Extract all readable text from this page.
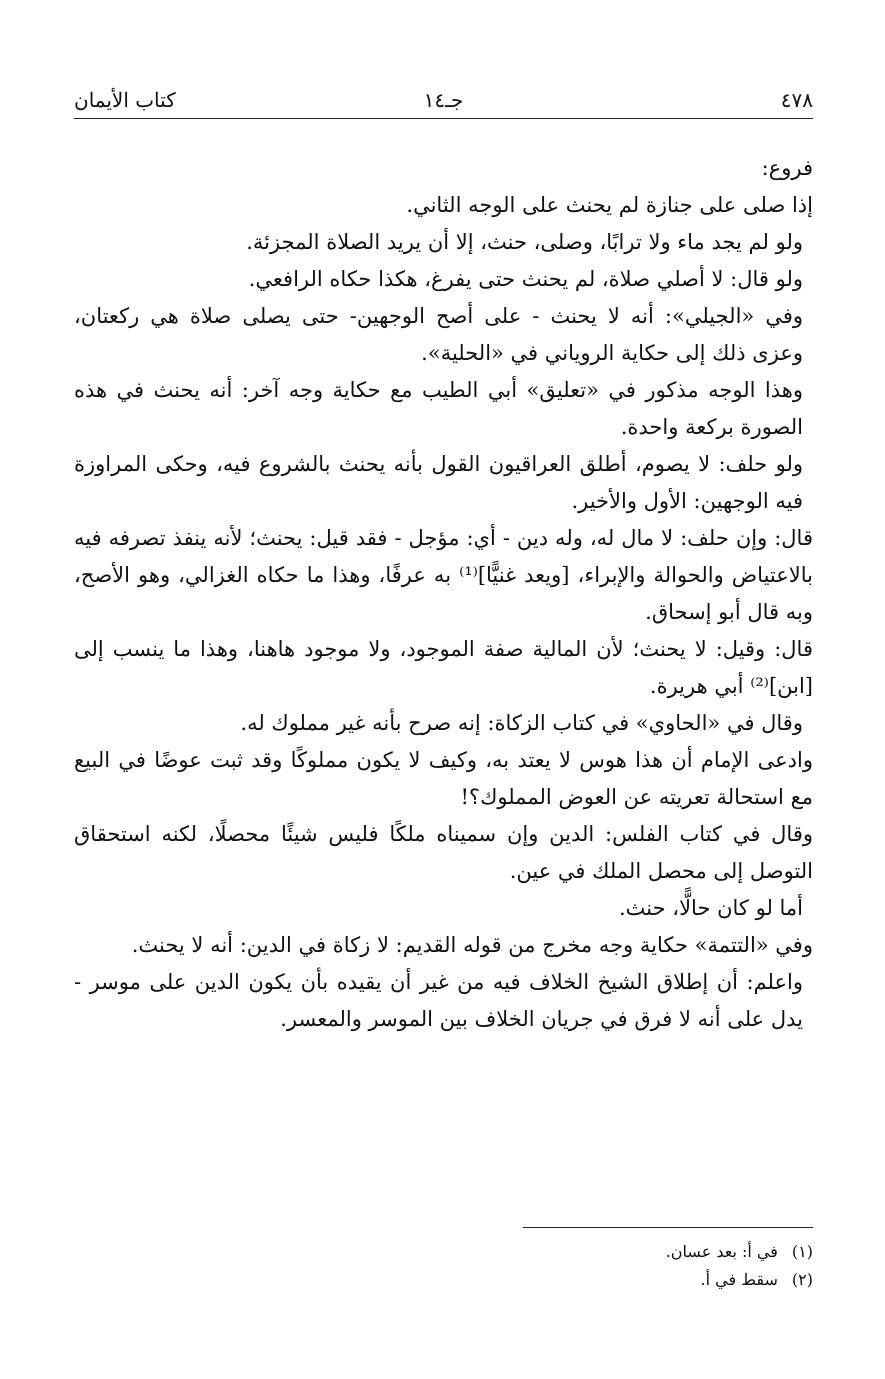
٤٧٨
جـ١٤
كتاب الأيمان

فروع:

إذا صلى على جنازة لم يحنث على الوجه الثاني.

ولو لم يجد ماء ولا ترابًا، وصلى، حنث، إلا أن يريد الصلاة المجزئة.

ولو قال: لا أصلي صلاة، لم يحنث حتى يفرغ، هكذا حكاه الرافعي.

وفي «الجيلي»: أنه لا يحنث - على أصح الوجهين- حتى يصلى صلاة هي ركعتان، وعزى ذلك إلى حكاية الروياني في «الحلية».

وهذا الوجه مذكور في «تعليق» أبي الطيب مع حكاية وجه آخر: أنه يحنث في هذه الصورة بركعة واحدة.

ولو حلف: لا يصوم، أطلق العراقيون القول بأنه يحنث بالشروع فيه، وحكى المراوزة فيه الوجهين: الأول والأخير.

قال: وإن حلف: لا مال له، وله دين - أي: مؤجل - فقد قيل: يحنث؛ لأنه ينفذ تصرفه فيه بالاعتياض والحوالة والإبراء، [ويعد غنيًّا]⁽¹⁾ به عرفًا، وهذا ما حكاه الغزالي، وهو الأصح، وبه قال أبو إسحاق.

قال: وقيل: لا يحنث؛ لأن المالية صفة الموجود، ولا موجود هاهنا، وهذا ما ينسب إلى [ابن]⁽²⁾ أبي هريرة.

وقال في «الحاوي» في كتاب الزكاة: إنه صرح بأنه غير مملوك له.

وادعى الإمام أن هذا هوس لا يعتد به، وكيف لا يكون مملوكًا وقد ثبت عوضًا في البيع مع استحالة تعريته عن العوض المملوك؟!

وقال في كتاب الفلس: الدين وإن سميناه ملكًا فليس شيئًا محصلًا، لكنه استحقاق التوصل إلى محصل الملك في عين.

أما لو كان حالًّا، حنث.

وفي «التتمة» حكاية وجه مخرج من قوله القديم: لا زكاة في الدين: أنه لا يحنث.

واعلم: أن إطلاق الشيخ الخلاف فيه من غير أن يقيده بأن يكون الدين على موسر - يدل على أنه لا فرق في جريان الخلاف بين الموسر والمعسر.

(١)في أ: بعد عسان.

(٢)سقط في أ.
